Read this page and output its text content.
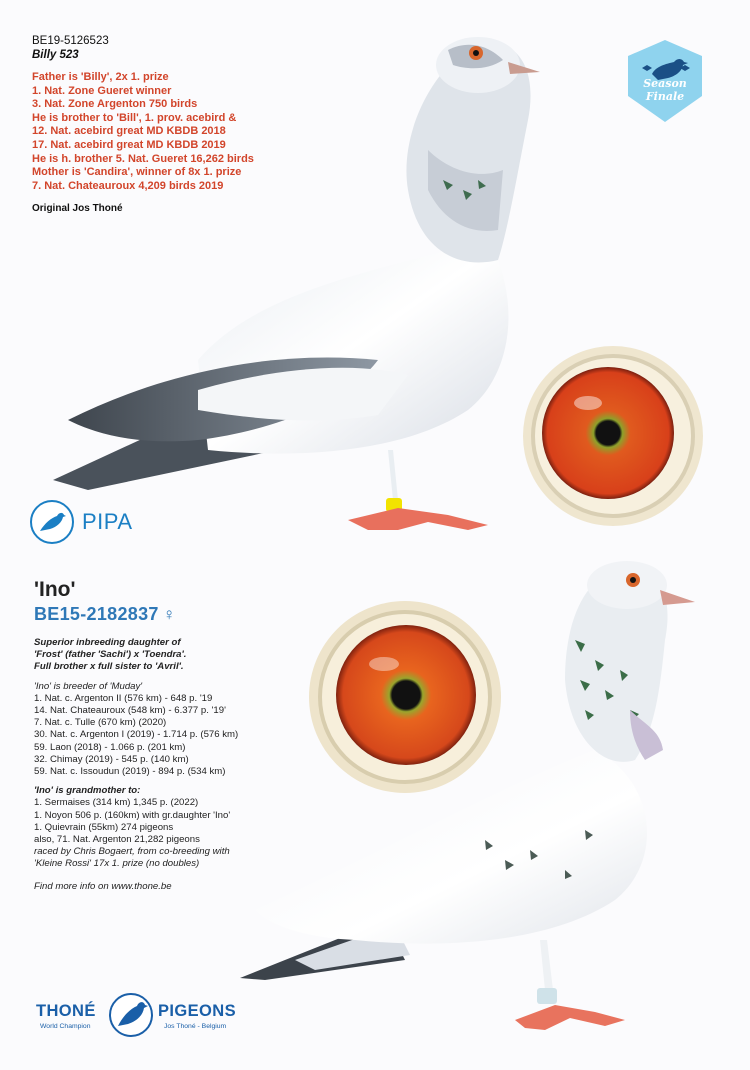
BE19-5126523
Billy 523
Father is 'Billy', 2x 1. prize
1. Nat. Zone Gueret winner
3. Nat. Zone Argenton 750 birds
He is brother to 'Bill', 1. prov. acebird &
12. Nat. acebird great MD KBDB 2018
17. Nat. acebird great MD KBDB 2019
He is h. brother 5. Nat. Gueret 16,262 birds
Mother is 'Candira', winner of 8x 1. prize
7. Nat. Chateauroux 4,209 birds 2019
Original Jos Thoné
Season
Finale
PIPA
'Ino'
BE15-2182837 ♀
Superior inbreeding daughter of
'Frost' (father 'Sachi') x 'Toendra'.
Full brother x full sister to 'Avril'.
'Ino' is breeder of 'Muday'
1. Nat. c. Argenton II (576 km) - 648 p. '19
14. Nat. Chateauroux (548 km) - 6.377 p. '19'
7. Nat. c. Tulle (670 km) (2020)
30. Nat. c. Argenton I (2019) - 1.714 p. (576 km)
59. Laon (2018) - 1.066 p. (201 km)
32. Chimay (2019) - 545 p. (140 km)
59. Nat. c. Issoudun (2019) - 894 p. (534 km)
'Ino' is grandmother to:
1. Sermaises (314 km) 1,345 p. (2022)
1. Noyon 506 p. (160km) with gr.daughter 'Ino'
1. Quievrain (55km) 274 pigeons
also, 71. Nat. Argenton 21,282 pigeons
raced by Chris Bogaert, from co-breeding with
'Kleine Rossi' 17x 1. prize (no doubles)
Find more info on www.thone.be
THONÉ	PIGEONS
World Champion	Jos Thoné - Belgium
